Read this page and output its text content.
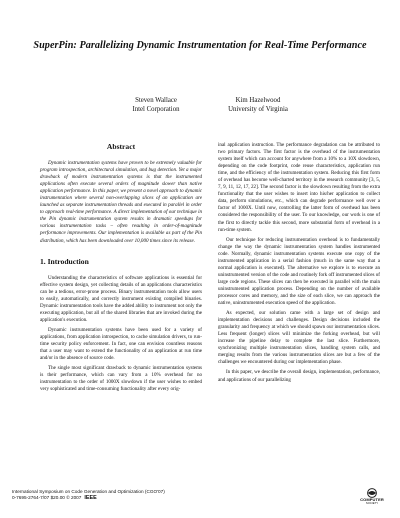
SuperPin: Parallelizing Dynamic Instrumentation for Real-Time Performance
Steven Wallace
Intel Corporation
Kim Hazelwood
University of Virginia
Abstract

Dynamic instrumentation systems have proven to be extremely valuable for program introspection, architectural simulation, and bug detection. Yet a major drawback of modern instrumentation systems is that the instrumented applications often execute several orders of magnitude slower than native application performance. In this paper, we present a novel approach to dynamic instrumentation where several non-overlapping slices of an application are launched as separate instrumentation threads and executed in parallel in order to approach real-time performance. A direct implementation of our technique in the Pin dynamic instrumentation system results in dramatic speedups for various instrumentation tasks – often resulting in order-of-magnitude performance improvements. Our implementation is available as part of the Pin distribution, which has been downloaded over 10,000 times since its release.

1. Introduction

Understanding the characteristics of software applications is essential for effective system design, yet collecting details of an applications characteristics can be a tedious, error-prone process. Binary instrumentation tools allow users to easily, automatically, and correctly instrument existing compiled binaries. Dynamic instrumentation tools have the added ability to instrument not only the executing application, but all of the shared libraries that are invoked during the application's execution.

Dynamic instrumentation systems have been used for a variety of applications, from application introspection, to cache simulation drivers, to run-time security policy enforcement. In fact, one can envision countless reasons that a user may want to extend the functionality of an application at run time and/or in the absence of source code.

The single most significant drawback to dynamic instrumentation systems is their performance, which can vary from a 10% overhead for no instrumentation to the order of 1000X slowdown if the user wishes to embed very sophisticated and time-consuming functionality after every orig-

inal application instruction. The performance degradation can be attributed to two primary factors. The first factor is the overhead of the instrumentation system itself which can account for anywhere from a 10% to a 10X slowdown, depending on the code footprint, code reuse characteristics, application run time, and the efficiency of the instrumentation system. Reducing this first form of overhead has become well-charted territory in the research community [3, 5, 7, 9, 11, 12, 17, 22]. The second factor is the slowdown resulting from the extra functionality that the user wishes to insert into his/her application to collect data, perform simulations, etc., which can degrade performance well over a factor of 1000X. Until now, controlling the latter form of overhead has been considered the responsibility of the user. To our knowledge, our work is one of the first to directly tackle this second, more substantial form of overhead in a run-time system.

Our technique for reducing instrumentation overhead is to fundamentally change the way the dynamic instrumentation system handles instrumented code. Normally, dynamic instrumentation systems execute one copy of the instrumented application in a serial fashion (much in the same way that a normal application is executed). The alternative we explore is to execute an uninstrumented version of the code and routinely fork off instrumented slices of large code regions. These slices can then be executed in parallel with the main uninstrumented application process. Depending on the number of available processor cores and memory, and the size of each slice, we can approach the native, uninstrumented execution speed of the application.

As expected, our solution came with a large set of design and implementation decisions and challenges. Design decisions included the granularity and frequency at which we should spawn our instrumentation slices. Less frequent (longer) slices will minimize the forking overhead, but will increase the pipeline delay to complete the last slice. Furthermore, synchronizing multiple instrumentation slices, handling system calls, and merging results from the various instrumentation slices are but a few of the challenges we encountered during our implementation phase.

In this paper, we describe the overall design, implementation, performance, and applications of our parallelizing

International Symposium on Code Generation and Optimization (CGO'07)
0-7695-2764-7/07 $20.00 © 2007 IEEE	COMPUTER
SOCIETY
